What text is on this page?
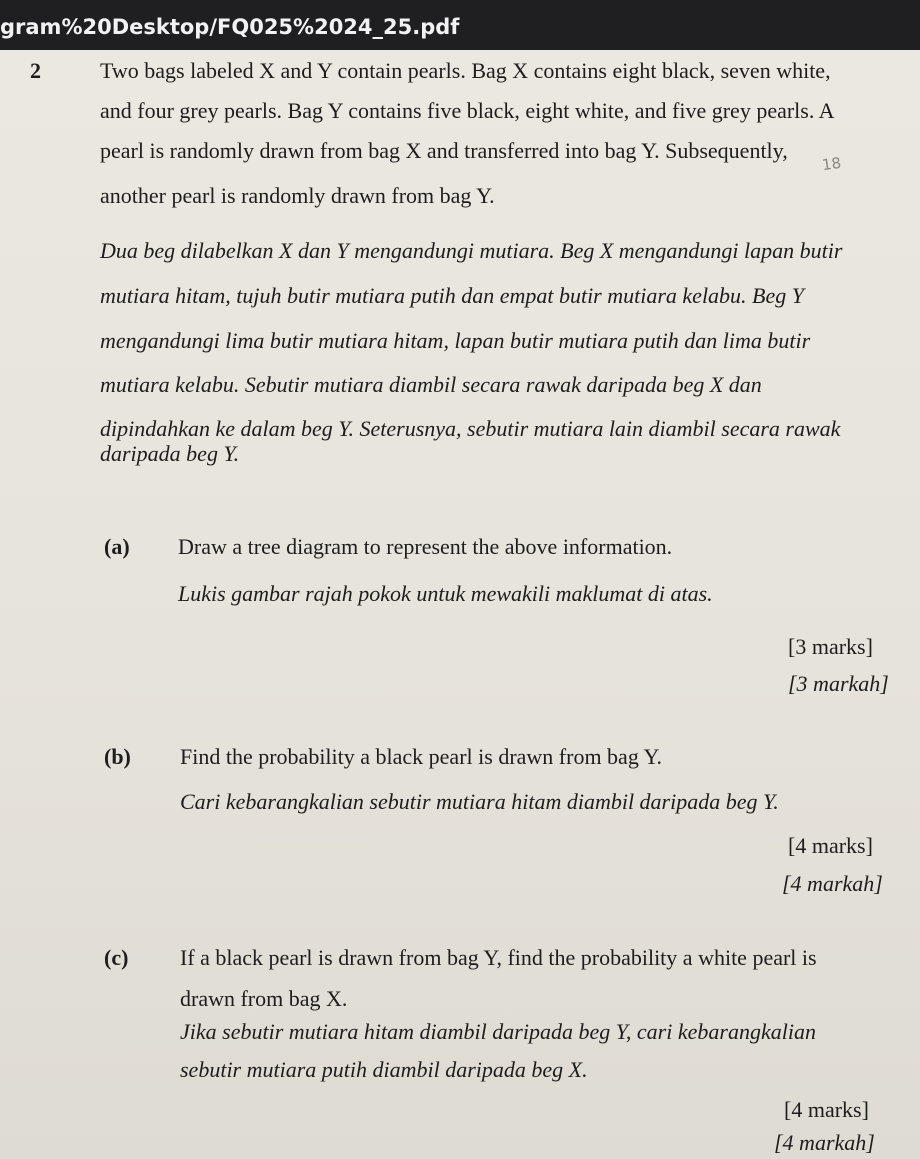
gram%20Desktop/FQ025%2024_25.pdf
2	Two bags labeled X and Y contain pearls. Bag X contains eight black, seven white,
and four grey pearls. Bag Y contains five black, eight white, and five grey pearls. A
pearl is randomly drawn from bag X and transferred into bag Y. Subsequently,
another pearl is randomly drawn from bag Y.
18
Dua beg dilabelkan X dan Y mengandungi mutiara. Beg X mengandungi lapan butir
mutiara hitam, tujuh butir mutiara putih dan empat butir mutiara kelabu. Beg Y
mengandungi lima butir mutiara hitam, lapan butir mutiara putih dan lima butir
mutiara kelabu. Sebutir mutiara diambil secara rawak daripada beg X dan
dipindahkan ke dalam beg Y. Seterusnya, sebutir mutiara lain diambil secara rawak
daripada beg Y.
(a) Draw a tree diagram to represent the above information.
Lukis gambar rajah pokok untuk mewakili maklumat di atas.
[3 marks]
[3 markah]
(b) Find the probability a black pearl is drawn from bag Y.
Cari kebarangkalian sebutir mutiara hitam diambil daripada beg Y.
[4 marks]
[4 markah]
(c) If a black pearl is drawn from bag Y, find the probability a white pearl is
drawn from bag X.
Jika sebutir mutiara hitam diambil daripada beg Y, cari kebarangkalian
sebutir mutiara putih diambil daripada beg X.
[4 marks]
[4 markah]
